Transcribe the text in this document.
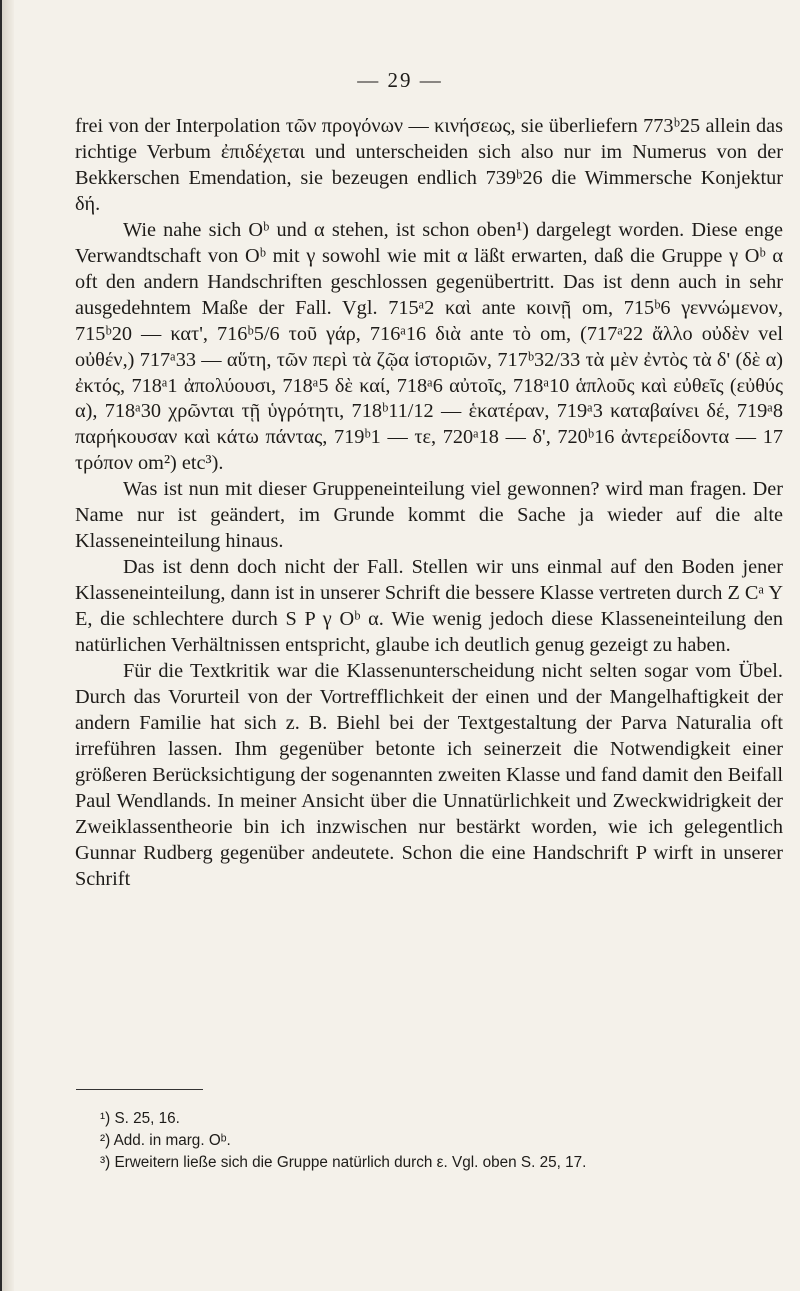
— 29 —

frei von der Interpolation τῶν προγόνων — κινήσεως, sie überliefern 773ᵇ25 allein das richtige Verbum ἐπιδέχεται und unterscheiden sich also nur im Numerus von der Bekkerschen Emendation, sie bezeugen endlich 739ᵇ26 die Wimmersche Konjektur δή.

Wie nahe sich Oᵇ und α stehen, ist schon oben¹) dargelegt worden. Diese enge Verwandtschaft von Oᵇ mit γ sowohl wie mit α läßt erwarten, daß die Gruppe γ Oᵇ α oft den andern Handschriften geschlossen gegenübertritt. Das ist denn auch in sehr ausgedehntem Maße der Fall. Vgl. 715ᵃ2 καὶ ante κοινῇ om, 715ᵇ6 γεννώμενον, 715ᵇ20 — κατ', 716ᵇ5/6 τοῦ γάρ, 716ᵃ16 διὰ ante τὸ om, (717ᵃ22 ἄλλο οὐδὲν vel οὐθέν,) 717ᵃ33 — αὕτη, τῶν περὶ τὰ ζῷα ἱστοριῶν, 717ᵇ32/33 τὰ μὲν ἐντὸς τὰ δ' (δὲ α) ἐκτός, 718ᵃ1 ἀπολύουσι, 718ᵃ5 δὲ καί, 718ᵃ6 αὐτοῖς, 718ᵃ10 ἁπλοῦς καὶ εὐθεῖς (εὐθύς α), 718ᵃ30 χρῶνται τῇ ὑγρότητι, 718ᵇ11/12 — ἑκατέραν, 719ᵃ3 καταβαίνει δέ, 719ᵃ8 παρήκουσαν καὶ κάτω πάντας, 719ᵇ1 — τε, 720ᵃ18 — δ', 720ᵇ16 ἀντερείδοντα — 17 τρόπον om²) etc³).

Was ist nun mit dieser Gruppeneinteilung viel gewonnen? wird man fragen. Der Name nur ist geändert, im Grunde kommt die Sache ja wieder auf die alte Klasseneinteilung hinaus.

Das ist denn doch nicht der Fall. Stellen wir uns einmal auf den Boden jener Klasseneinteilung, dann ist in unserer Schrift die bessere Klasse vertreten durch Z Cᵃ Y E, die schlechtere durch S P γ Oᵇ α. Wie wenig jedoch diese Klasseneinteilung den natürlichen Verhältnissen entspricht, glaube ich deutlich genug gezeigt zu haben.

Für die Textkritik war die Klassenunterscheidung nicht selten sogar vom Übel. Durch das Vorurteil von der Vortrefflichkeit der einen und der Mangelhaftigkeit der andern Familie hat sich z. B. Biehl bei der Textgestaltung der Parva Naturalia oft irreführen lassen. Ihm gegenüber betonte ich seinerzeit die Notwendigkeit einer größeren Berücksichtigung der sogenannten zweiten Klasse und fand damit den Beifall Paul Wendlands. In meiner Ansicht über die Unnatürlichkeit und Zweckwidrigkeit der Zweiklassentheorie bin ich inzwischen nur bestärkt worden, wie ich gelegentlich Gunnar Rudberg gegenüber andeutete. Schon die eine Handschrift P wirft in unserer Schrift

¹) S. 25, 16.
²) Add. in marg. Oᵇ.
³) Erweitern ließe sich die Gruppe natürlich durch ε. Vgl. oben S. 25, 17.
